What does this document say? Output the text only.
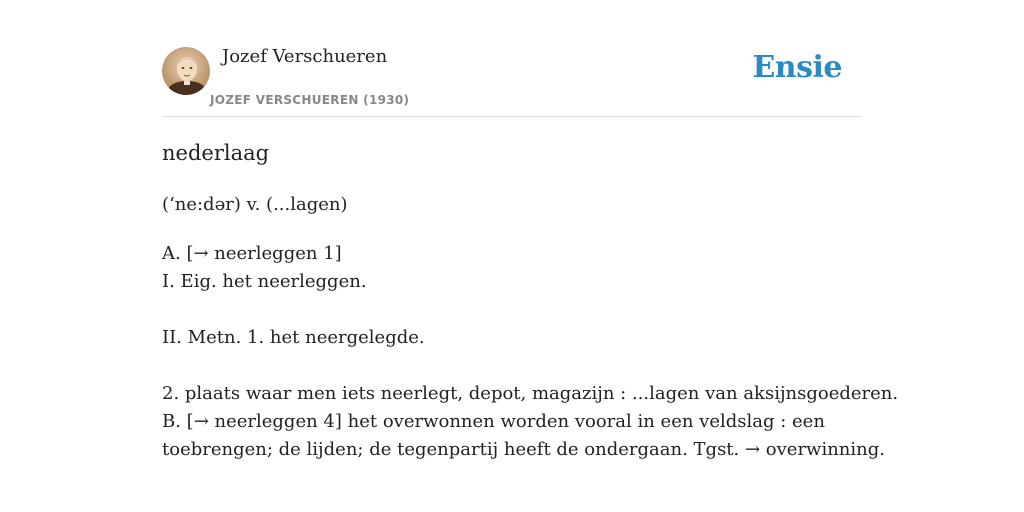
Jozef Verschueren
JOZEF VERSCHUEREN (1930)
Ensie
nederlaag

(ʻne:dər) v. (...lagen)

A. [→ neerleggen 1]
I. Eig. het neerleggen.
II. Metn. 1. het neergelegde.
2. plaats waar men iets neerlegt, depot, magazijn : ...lagen van aksijnsgoederen.
B. [→ neerleggen 4] het overwonnen worden vooral in een veldslag : een
toebrengen; de lijden; de tegenpartij heeft de ondergaan. Tgst. → overwinning.
